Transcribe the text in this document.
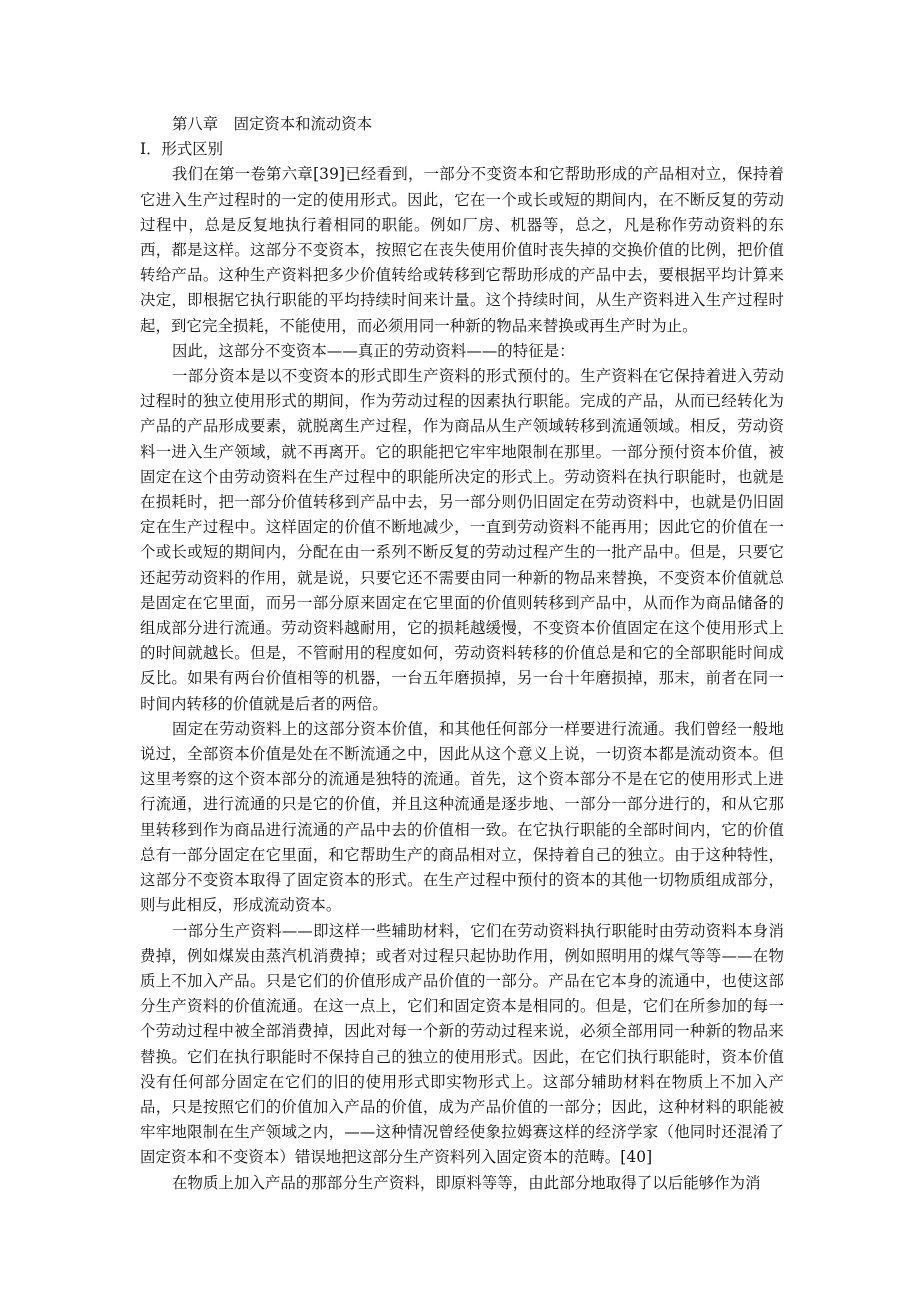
第八章　固定资本和流动资本
Ⅰ．形式区别

我们在第一卷第六章[39]已经看到，一部分不变资本和它帮助形成的产品相对立，保持着它进入生产过程时的一定的使用形式。因此，它在一个或长或短的期间内，在不断反复的劳动过程中，总是反复地执行着相同的职能。例如厂房、机器等，总之，凡是称作劳动资料的东西，都是这样。这部分不变资本，按照它在丧失使用价值时丧失掉的交换价值的比例，把价值转给产品。这种生产资料把多少价值转给或转移到它帮助形成的产品中去，要根据平均计算来决定，即根据它执行职能的平均持续时间来计量。这个持续时间，从生产资料进入生产过程时起，到它完全损耗，不能使用，而必须用同一种新的物品来替换或再生产时为止。

因此，这部分不变资本——真正的劳动资料——的特征是：

一部分资本是以不变资本的形式即生产资料的形式预付的。生产资料在它保持着进入劳动过程时的独立使用形式的期间，作为劳动过程的因素执行职能。完成的产品，从而已经转化为产品的产品形成要素，就脱离生产过程，作为商品从生产领域转移到流通领域。相反，劳动资料一进入生产领域，就不再离开。它的职能把它牢牢地限制在那里。一部分预付资本价值，被固定在这个由劳动资料在生产过程中的职能所决定的形式上。劳动资料在执行职能时，也就是在损耗时，把一部分价值转移到产品中去，另一部分则仍旧固定在劳动资料中，也就是仍旧固定在生产过程中。这样固定的价值不断地减少，一直到劳动资料不能再用；因此它的价值在一个或长或短的期间内，分配在由一系列不断反复的劳动过程产生的一批产品中。但是，只要它还起劳动资料的作用，就是说，只要它还不需要由同一种新的物品来替换，不变资本价值就总是固定在它里面，而另一部分原来固定在它里面的价值则转移到产品中，从而作为商品储备的组成部分进行流通。劳动资料越耐用，它的损耗越缓慢，不变资本价值固定在这个使用形式上的时间就越长。但是，不管耐用的程度如何，劳动资料转移的价值总是和它的全部职能时间成反比。如果有两台价值相等的机器，一台五年磨损掉，另一台十年磨损掉，那末，前者在同一时间内转移的价值就是后者的两倍。

固定在劳动资料上的这部分资本价值，和其他任何部分一样要进行流通。我们曾经一般地说过，全部资本价值是处在不断流通之中，因此从这个意义上说，一切资本都是流动资本。但这里考察的这个资本部分的流通是独特的流通。首先，这个资本部分不是在它的使用形式上进行流通，进行流通的只是它的价值，并且这种流通是逐步地、一部分一部分进行的，和从它那里转移到作为商品进行流通的产品中去的价值相一致。在它执行职能的全部时间内，它的价值总有一部分固定在它里面，和它帮助生产的商品相对立，保持着自己的独立。由于这种特性，这部分不变资本取得了固定资本的形式。在生产过程中预付的资本的其他一切物质组成部分，则与此相反，形成流动资本。

一部分生产资料——即这样一些辅助材料，它们在劳动资料执行职能时由劳动资料本身消费掉，例如煤炭由蒸汽机消费掉；或者对过程只起协助作用，例如照明用的煤气等等——在物质上不加入产品。只是它们的价值形成产品价值的一部分。产品在它本身的流通中，也使这部分生产资料的价值流通。在这一点上，它们和固定资本是相同的。但是，它们在所参加的每一个劳动过程中被全部消费掉，因此对每一个新的劳动过程来说，必须全部用同一种新的物品来替换。它们在执行职能时不保持自己的独立的使用形式。因此，在它们执行职能时，资本价值没有任何部分固定在它们的旧的使用形式即实物形式上。这部分辅助材料在物质上不加入产品，只是按照它们的价值加入产品的价值，成为产品价值的一部分；因此，这种材料的职能被牢牢地限制在生产领域之内，——这种情况曾经使象拉姆赛这样的经济学家（他同时还混淆了固定资本和不变资本）错误地把这部分生产资料列入固定资本的范畴。[40]

在物质上加入产品的那部分生产资料，即原料等等，由此部分地取得了以后能够作为消
